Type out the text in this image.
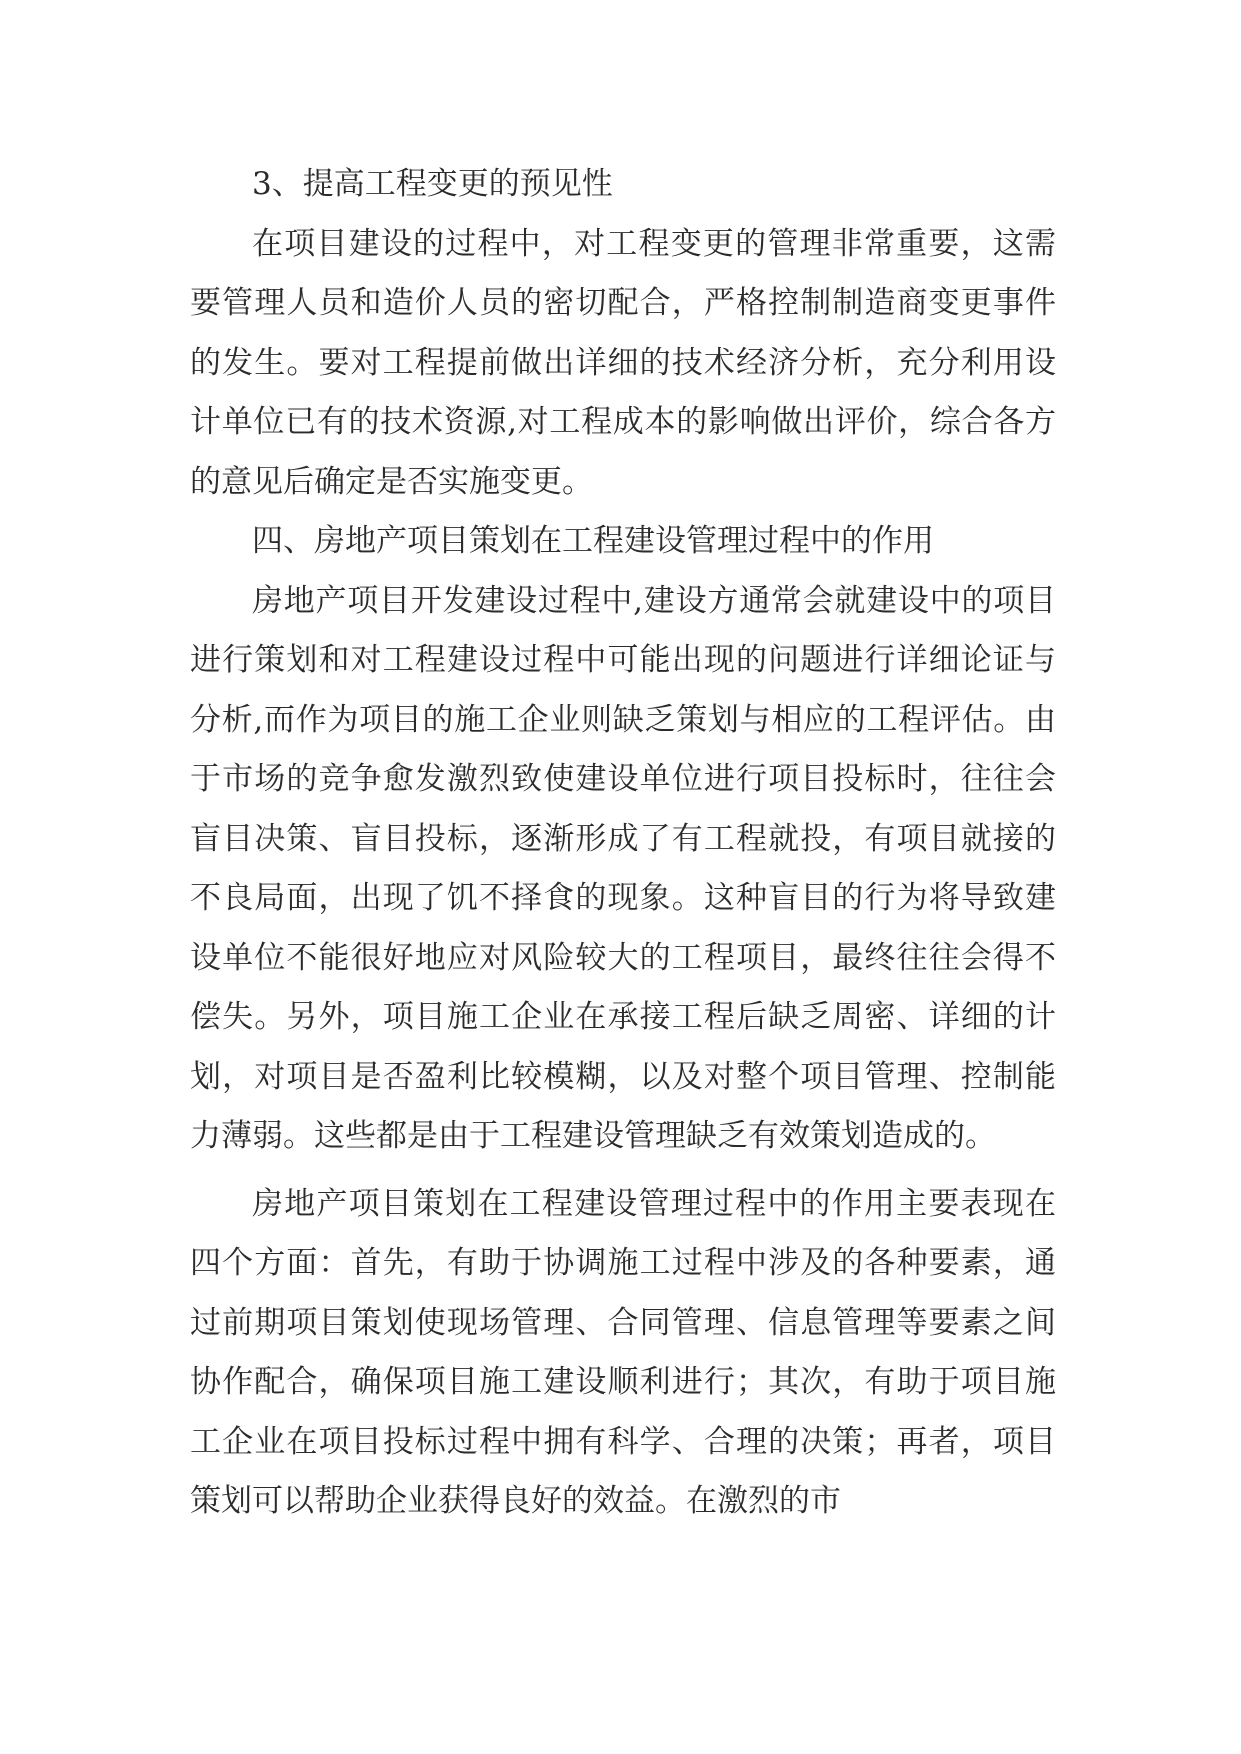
3、提高工程变更的预见性

在项目建设的过程中，对工程变更的管理非常重要，这需要管理人员和造价人员的密切配合，严格控制制造商变更事件的发生。要对工程提前做出详细的技术经济分析，充分利用设计单位已有的技术资源,对工程成本的影响做出评价，综合各方的意见后确定是否实施变更。

四、房地产项目策划在工程建设管理过程中的作用

房地产项目开发建设过程中,建设方通常会就建设中的项目进行策划和对工程建设过程中可能出现的问题进行详细论证与分析,而作为项目的施工企业则缺乏策划与相应的工程评估。由于市场的竞争愈发激烈致使建设单位进行项目投标时，往往会盲目决策、盲目投标，逐渐形成了有工程就投，有项目就接的不良局面，出现了饥不择食的现象。这种盲目的行为将导致建设单位不能很好地应对风险较大的工程项目，最终往往会得不偿失。另外，项目施工企业在承接工程后缺乏周密、详细的计划，对项目是否盈利比较模糊，以及对整个项目管理、控制能力薄弱。这些都是由于工程建设管理缺乏有效策划造成的。

房地产项目策划在工程建设管理过程中的作用主要表现在四个方面：首先，有助于协调施工过程中涉及的各种要素，通过前期项目策划使现场管理、合同管理、信息管理等要素之间协作配合，确保项目施工建设顺利进行；其次，有助于项目施工企业在项目投标过程中拥有科学、合理的决策；再者，项目策划可以帮助企业获得良好的效益。在激烈的市
